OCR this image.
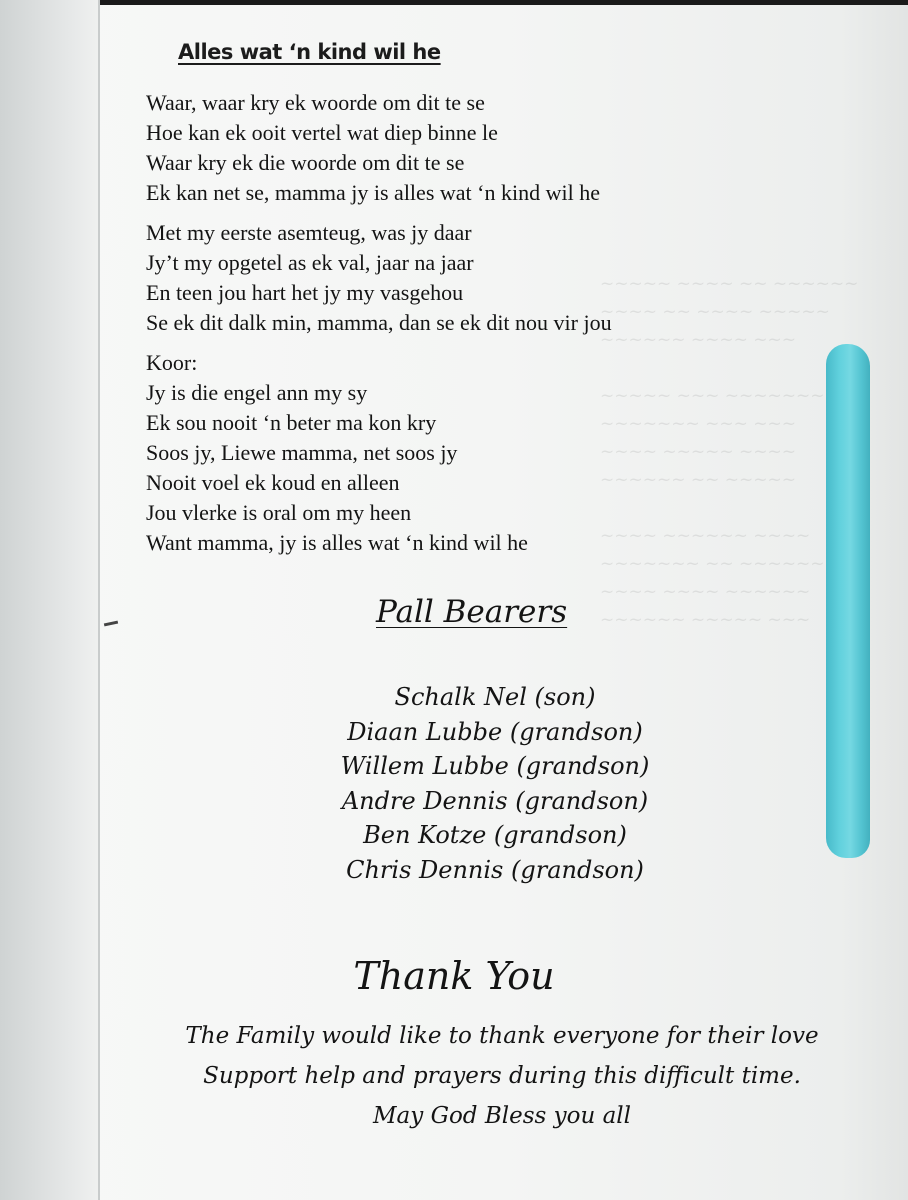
~~~~~ ~~~~ ~~ ~~~~~~
~~~~ ~~ ~~~~ ~~~~~
~~~~~~ ~~~~ ~~~

~~~~~ ~~~ ~~~~~~~
~~~~~~~ ~~~ ~~~
~~~~ ~~~~~ ~~~~
~~~~~~ ~~ ~~~~~

~~~~ ~~~~~~ ~~~~
~~~~~~~ ~~ ~~~~~~
~~~~ ~~~~ ~~~~~~
~~~~~~ ~~~~~ ~~~
Alles wat ‘n kind wil he
Waar, waar kry ek woorde om dit te se
Hoe kan ek ooit vertel wat diep binne le
Waar kry ek die woorde om dit te se
Ek kan net se, mamma jy is alles wat ‘n kind wil he
Met my eerste asemteug, was jy daar
Jy’t my opgetel as ek val, jaar na jaar
En teen jou hart het jy my vasgehou
Se ek dit dalk min, mamma, dan se ek dit nou vir jou
Koor:
Jy is die engel ann my sy
Ek sou nooit ‘n beter ma kon kry
Soos jy, Liewe mamma, net soos jy
Nooit voel ek koud en alleen
Jou vlerke is oral om my heen
Want mamma, jy is alles wat ‘n kind wil he
Pall Bearers
Schalk Nel (son)
Diaan Lubbe (grandson)
Willem Lubbe (grandson)
Andre Dennis (grandson)
Ben Kotze (grandson)
Chris Dennis (grandson)
Thank You
The Family would like to thank everyone for their love
Support help and prayers during this difficult time.
May God Bless you all
